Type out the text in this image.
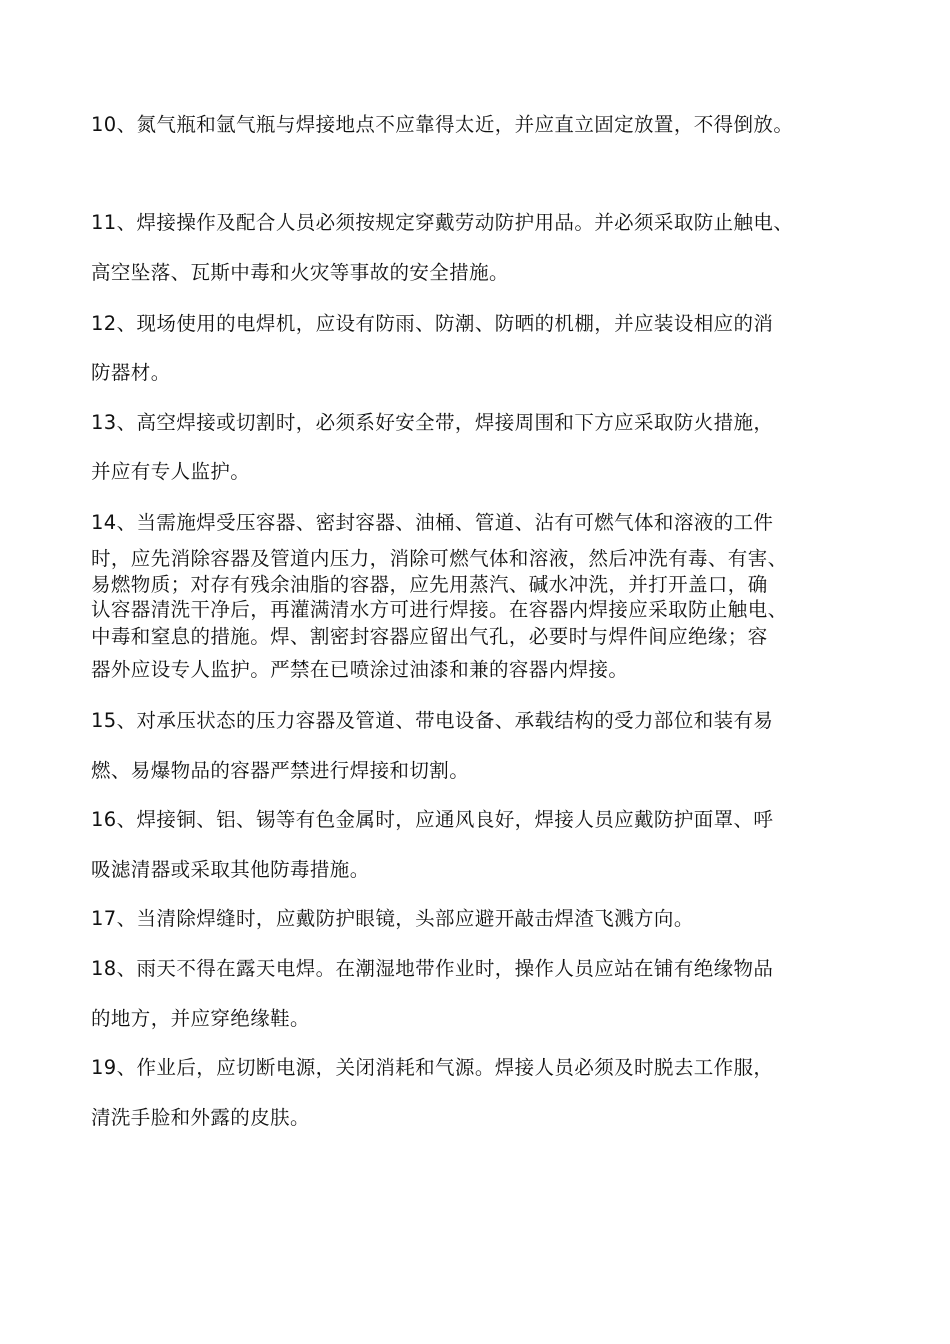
10、氮气瓶和氩气瓶与焊接地点不应靠得太近，并应直立固定放置，不得倒放。
11、焊接操作及配合人员必须按规定穿戴劳动防护用品。并必须采取防止触电、
高空坠落、瓦斯中毒和火灾等事故的安全措施。
12、现场使用的电焊机，应设有防雨、防潮、防晒的机棚，并应装设相应的消
防器材。
13、高空焊接或切割时，必须系好安全带，焊接周围和下方应采取防火措施，
并应有专人监护。
14、当需施焊受压容器、密封容器、油桶、管道、沾有可燃气体和溶液的工件
时，应先消除容器及管道内压力，消除可燃气体和溶液，然后冲洗有毒、有害、
易燃物质；对存有残余油脂的容器，应先用蒸汽、碱水冲洗，并打开盖口，确
认容器清洗干净后，再灌满清水方可进行焊接。在容器内焊接应采取防止触电、
中毒和窒息的措施。焊、割密封容器应留出气孔，必要时与焊件间应绝缘；容
器外应设专人监护。严禁在已喷涂过油漆和兼的容器内焊接。
15、对承压状态的压力容器及管道、带电设备、承载结构的受力部位和装有易
燃、易爆物品的容器严禁进行焊接和切割。
16、焊接铜、铝、锡等有色金属时，应通风良好，焊接人员应戴防护面罩、呼
吸滤清器或采取其他防毒措施。
17、当清除焊缝时，应戴防护眼镜，头部应避开敲击焊渣飞溅方向。
18、雨天不得在露天电焊。在潮湿地带作业时，操作人员应站在铺有绝缘物品
的地方，并应穿绝缘鞋。
19、作业后，应切断电源，关闭消耗和气源。焊接人员必须及时脱去工作服，
清洗手脸和外露的皮肤。
